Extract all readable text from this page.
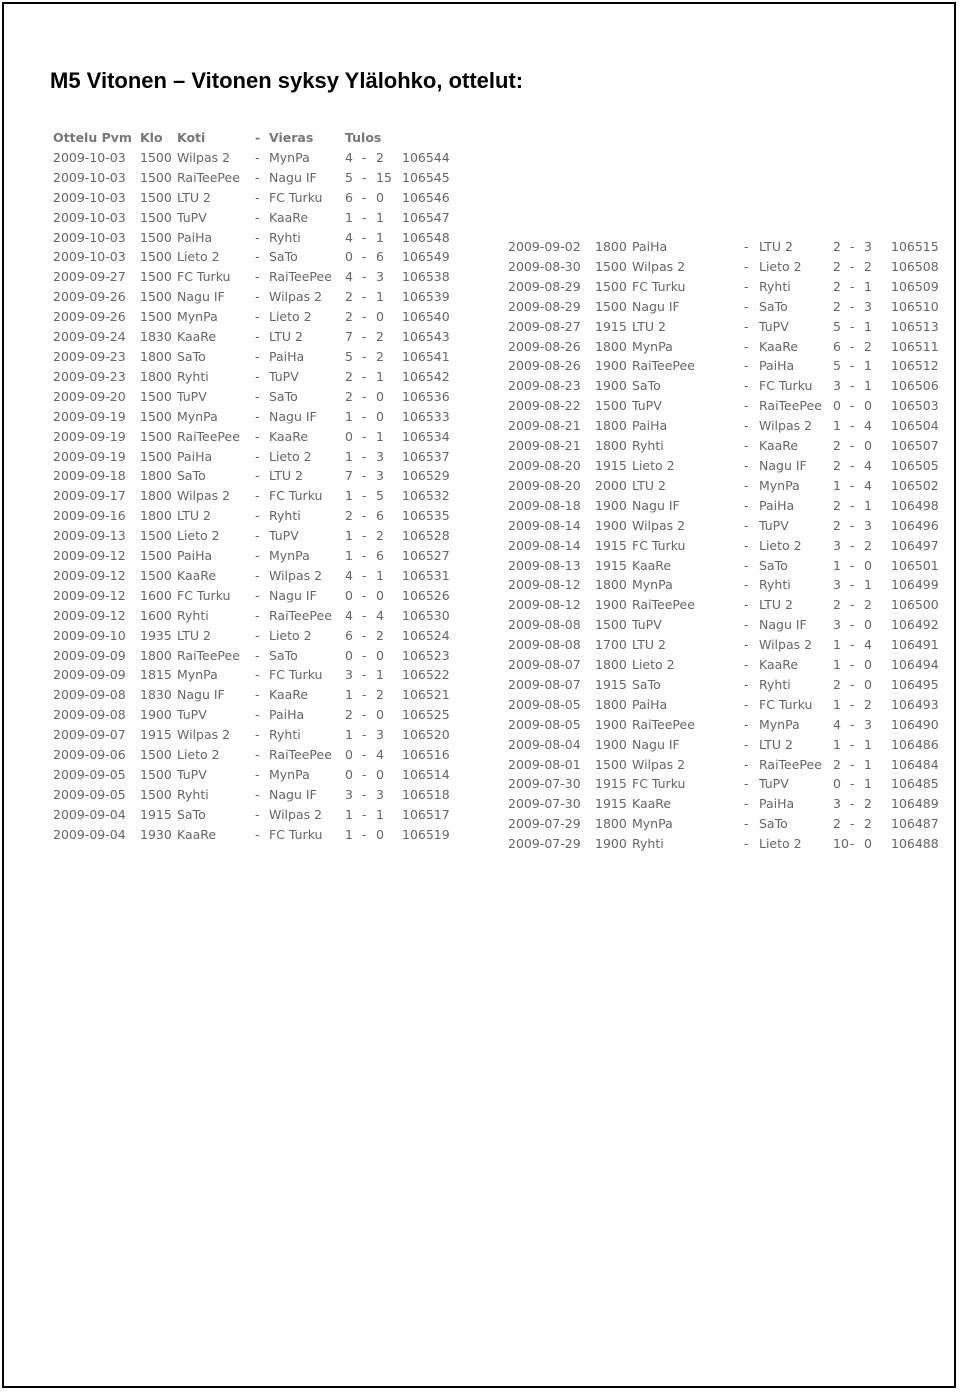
M5 Vitonen – Vitonen syksy Ylälohko, ottelut:
Ottelu Pvm	Klo	Koti	-	Vieras	Tulos			
2009-10-03	1500	Wilpas 2	-	MynPa	4	-	2	106544
2009-10-03	1500	RaiTeePee	-	Nagu IF	5	-	15	106545
2009-10-03	1500	LTU 2	-	FC Turku	6	-	0	106546
2009-10-03	1500	TuPV	-	KaaRe	1	-	1	106547
2009-10-03	1500	PaiHa	-	Ryhti	4	-	1	106548
2009-10-03	1500	Lieto 2	-	SaTo	0	-	6	106549
2009-09-27	1500	FC Turku	-	RaiTeePee	4	-	3	106538
2009-09-26	1500	Nagu IF	-	Wilpas 2	2	-	1	106539
2009-09-26	1500	MynPa	-	Lieto 2	2	-	0	106540
2009-09-24	1830	KaaRe	-	LTU 2	7	-	2	106543
2009-09-23	1800	SaTo	-	PaiHa	5	-	2	106541
2009-09-23	1800	Ryhti	-	TuPV	2	-	1	106542
2009-09-20	1500	TuPV	-	SaTo	2	-	0	106536
2009-09-19	1500	MynPa	-	Nagu IF	1	-	0	106533
2009-09-19	1500	RaiTeePee	-	KaaRe	0	-	1	106534
2009-09-19	1500	PaiHa	-	Lieto 2	1	-	3	106537
2009-09-18	1800	SaTo	-	LTU 2	7	-	3	106529
2009-09-17	1800	Wilpas 2	-	FC Turku	1	-	5	106532
2009-09-16	1800	LTU 2	-	Ryhti	2	-	6	106535
2009-09-13	1500	Lieto 2	-	TuPV	1	-	2	106528
2009-09-12	1500	PaiHa	-	MynPa	1	-	6	106527
2009-09-12	1500	KaaRe	-	Wilpas 2	4	-	1	106531
2009-09-12	1600	FC Turku	-	Nagu IF	0	-	0	106526
2009-09-12	1600	Ryhti	-	RaiTeePee	4	-	4	106530
2009-09-10	1935	LTU 2	-	Lieto 2	6	-	2	106524
2009-09-09	1800	RaiTeePee	-	SaTo	0	-	0	106523
2009-09-09	1815	MynPa	-	FC Turku	3	-	1	106522
2009-09-08	1830	Nagu IF	-	KaaRe	1	-	2	106521
2009-09-08	1900	TuPV	-	PaiHa	2	-	0	106525
2009-09-07	1915	Wilpas 2	-	Ryhti	1	-	3	106520
2009-09-06	1500	Lieto 2	-	RaiTeePee	0	-	4	106516
2009-09-05	1500	TuPV	-	MynPa	0	-	0	106514
2009-09-05	1500	Ryhti	-	Nagu IF	3	-	3	106518
2009-09-04	1915	SaTo	-	Wilpas 2	1	-	1	106517
2009-09-04	1930	KaaRe	-	FC Turku	1	-	0	106519
2009-09-02	1800	PaiHa	-	LTU 2	2	-	3	106515
2009-08-30	1500	Wilpas 2	-	Lieto 2	2	-	2	106508
2009-08-29	1500	FC Turku	-	Ryhti	2	-	1	106509
2009-08-29	1500	Nagu IF	-	SaTo	2	-	3	106510
2009-08-27	1915	LTU 2	-	TuPV	5	-	1	106513
2009-08-26	1800	MynPa	-	KaaRe	6	-	2	106511
2009-08-26	1900	RaiTeePee	-	PaiHa	5	-	1	106512
2009-08-23	1900	SaTo	-	FC Turku	3	-	1	106506
2009-08-22	1500	TuPV	-	RaiTeePee	0	-	0	106503
2009-08-21	1800	PaiHa	-	Wilpas 2	1	-	4	106504
2009-08-21	1800	Ryhti	-	KaaRe	2	-	0	106507
2009-08-20	1915	Lieto 2	-	Nagu IF	2	-	4	106505
2009-08-20	2000	LTU 2	-	MynPa	1	-	4	106502
2009-08-18	1900	Nagu IF	-	PaiHa	2	-	1	106498
2009-08-14	1900	Wilpas 2	-	TuPV	2	-	3	106496
2009-08-14	1915	FC Turku	-	Lieto 2	3	-	2	106497
2009-08-13	1915	KaaRe	-	SaTo	1	-	0	106501
2009-08-12	1800	MynPa	-	Ryhti	3	-	1	106499
2009-08-12	1900	RaiTeePee	-	LTU 2	2	-	2	106500
2009-08-08	1500	TuPV	-	Nagu IF	3	-	0	106492
2009-08-08	1700	LTU 2	-	Wilpas 2	1	-	4	106491
2009-08-07	1800	Lieto 2	-	KaaRe	1	-	0	106494
2009-08-07	1915	SaTo	-	Ryhti	2	-	0	106495
2009-08-05	1800	PaiHa	-	FC Turku	1	-	2	106493
2009-08-05	1900	RaiTeePee	-	MynPa	4	-	3	106490
2009-08-04	1900	Nagu IF	-	LTU 2	1	-	1	106486
2009-08-01	1500	Wilpas 2	-	RaiTeePee	2	-	1	106484
2009-07-30	1915	FC Turku	-	TuPV	0	-	1	106485
2009-07-30	1915	KaaRe	-	PaiHa	3	-	2	106489
2009-07-29	1800	MynPa	-	SaTo	2	-	2	106487
2009-07-29	1900	Ryhti	-	Lieto 2	10	-	0	106488
